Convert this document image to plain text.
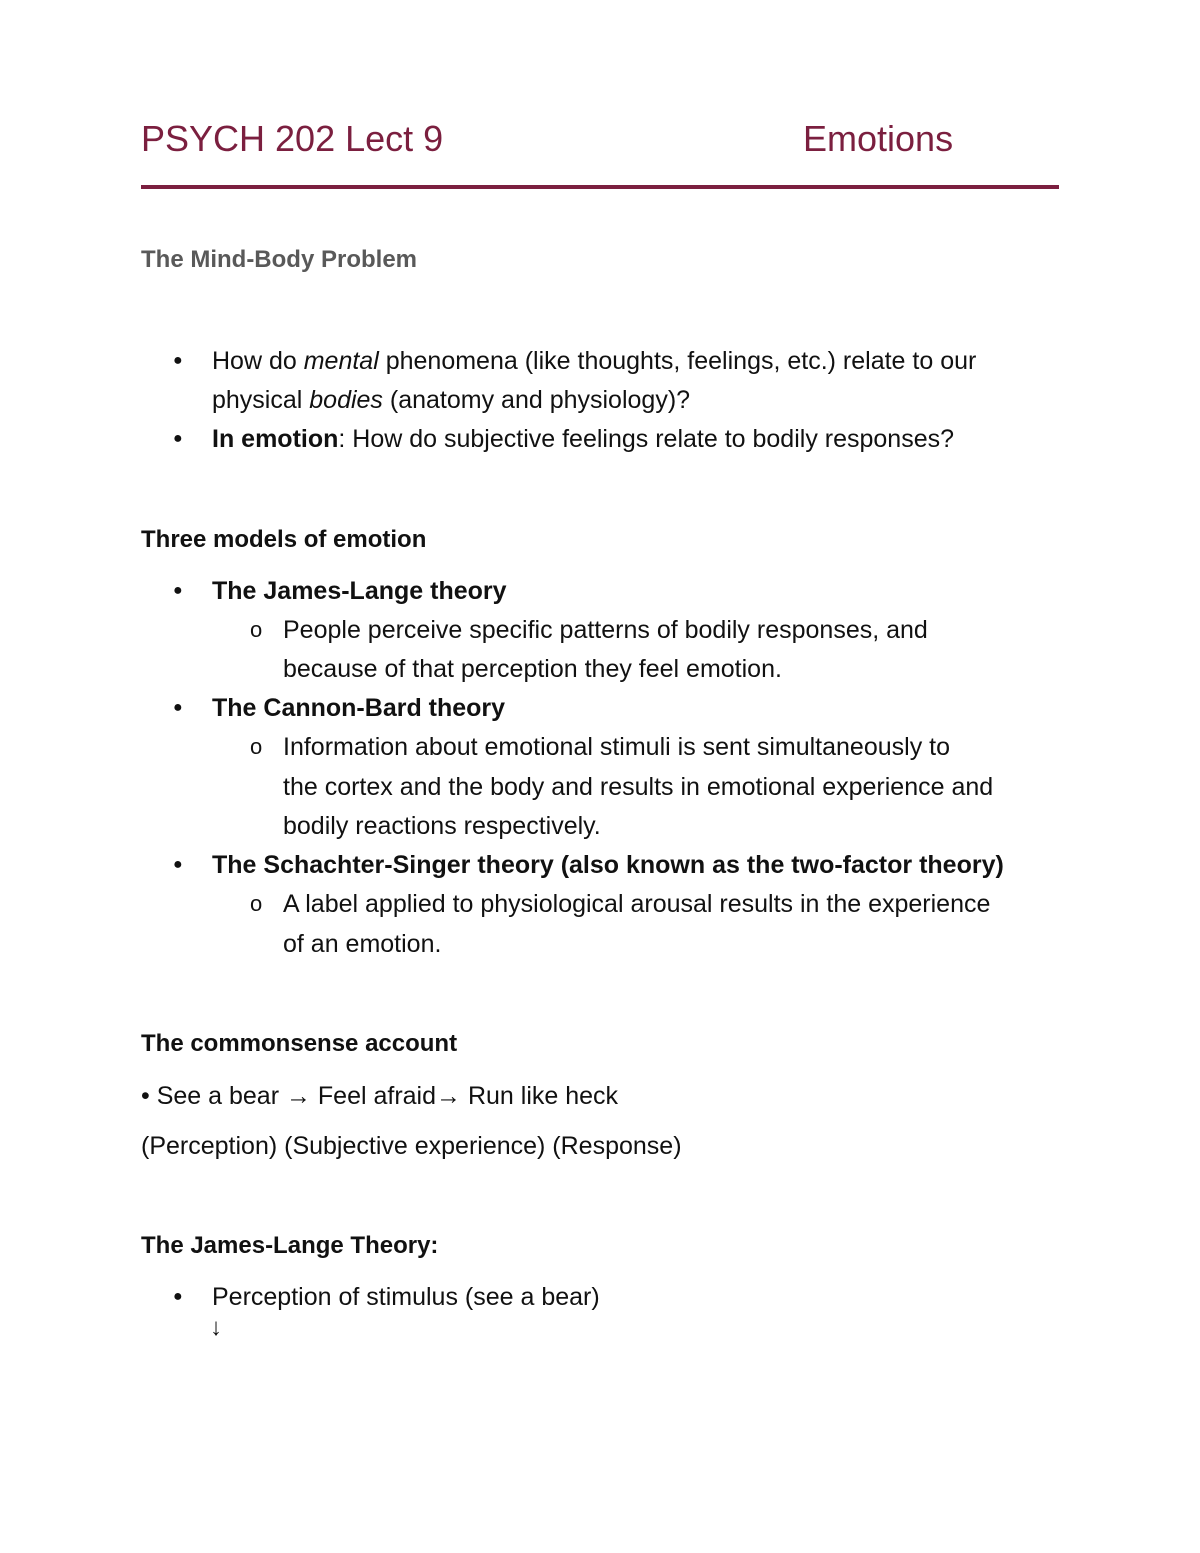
PSYCH 202 Lect 9	Emotions
The Mind-Body Problem
● How do mental phenomena (like thoughts, feelings, etc.) relate to our
physical bodies (anatomy and physiology)?
● In emotion: How do subjective feelings relate to bodily responses?
Three models of emotion
● The James-Lange theory
o People perceive specific patterns of bodily responses, and
because of that perception they feel emotion.
● The Cannon-Bard theory
o Information about emotional stimuli is sent simultaneously to
the cortex and the body and results in emotional experience and
bodily reactions respectively.
● The Schachter-Singer theory (also known as the two-factor theory)
o A label applied to physiological arousal results in the experience
of an emotion.
The commonsense account
• See a bear → Feel afraid→ Run like heck
(Perception) (Subjective experience) (Response)
The James-Lange Theory:
● Perception of stimulus (see a bear)
↓
